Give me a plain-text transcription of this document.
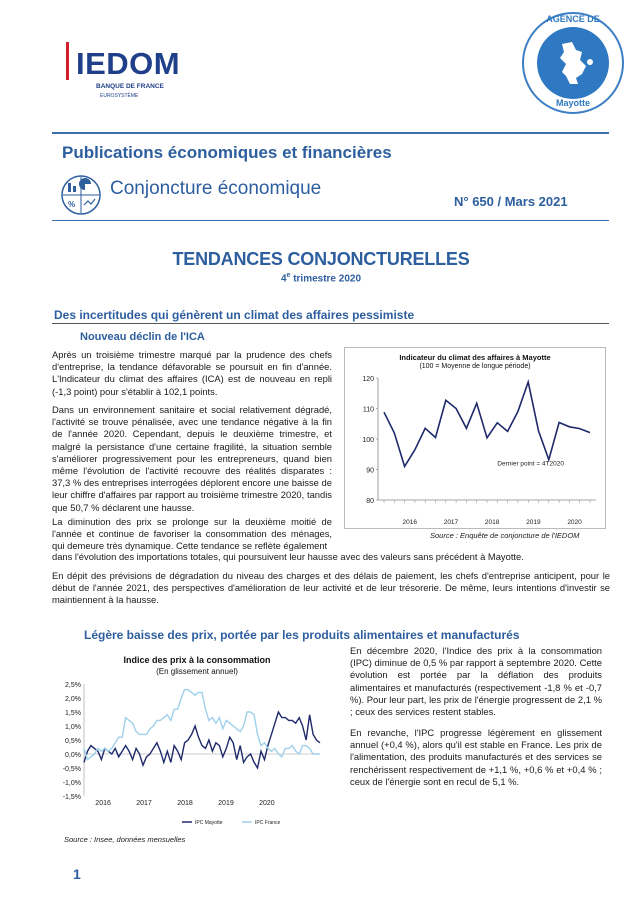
IEDOM
BANQUE DE FRANCE
EUROSYSTÈME
AGENCE DE
Mayotte
Publications économiques et financières
%
Conjoncture économique
N° 650 / Mars 2021
TENDANCES CONJONCTURELLES
4e trimestre 2020
Des incertitudes qui génèrent un climat des affaires pessimiste
Nouveau déclin de l'ICA
Après un troisième trimestre marqué par la prudence des chefs d'entreprise, la tendance défavorable se poursuit en fin d'année. L'Indicateur du climat des affaires (ICA) est de nouveau en repli (-1,3 point) pour s'établir à 102,1 points.
Dans un environnement sanitaire et social relativement dégradé, l'activité se trouve pénalisée, avec une tendance négative à la fin de l'année 2020. Cependant, depuis le deuxième trimestre, et malgré la persistance d'une certaine fragilité, la situation semble s'améliorer progressivement pour les entrepreneurs, quand bien même l'évolution de l'activité recouvre des réalités disparates : 37,3 % des entreprises interrogées déplorent encore une baisse de leur chiffre d'affaires par rapport au troisième trimestre 2020, tandis que 50,7 % déclarent une hausse.
La diminution des prix se prolonge sur la deuxième moitié de l'année et continue de favoriser la consommation des ménages, qui demeure très dynamique. Cette tendance se reflète également
dans l'évolution des importations totales, qui poursuivent leur hausse avec des valeurs sans précédent à Mayotte.
En dépit des prévisions de dégradation du niveau des charges et des délais de paiement, les chefs d'entreprise anticipent, pour le début de l'année 2021, des perspectives d'amélioration de leur activité et de leur trésorerie. De même, leurs intentions d'investir se maintiennent à la hausse.
Indicateur du climat des affaires à Mayotte
(100 = Moyenne de longue période)
80
90
100
110
120
2016	2017	2018	2019	2020
Dernier point = 4T2020
Source : Enquête de conjoncture de l'IEDOM
Légère baisse des prix, portée par les produits alimentaires et manufacturés
Indice des prix à la consommation
(En glissement annuel)
-1,5%
-1,0%
-0,5%
0,0%
0,5%
1,0%
1,5%
2,0%
2,5%
2016	2017	2018	2019	2020
IPC Mayotte	IPC France
Source : Insee, données mensuelles
En décembre 2020, l'Indice des prix à la consommation (IPC) diminue de 0,5 % par rapport à septembre 2020. Cette évolution est portée par la déflation des produits alimentaires et manufacturés (respectivement -1,8 % et -0,7 %). Pour leur part, les prix de l'énergie progressent de 2,1 % ; ceux des services restent stables.
En revanche, l'IPC progresse légèrement en glissement annuel (+0,4 %), alors qu'il est stable en France. Les prix de l'alimentation, des produits manufacturés et des services se renchérissent respectivement de +1,1 %, +0,6 % et +0,4 % ; ceux de l'énergie sont en recul de 5,1 %.
1
